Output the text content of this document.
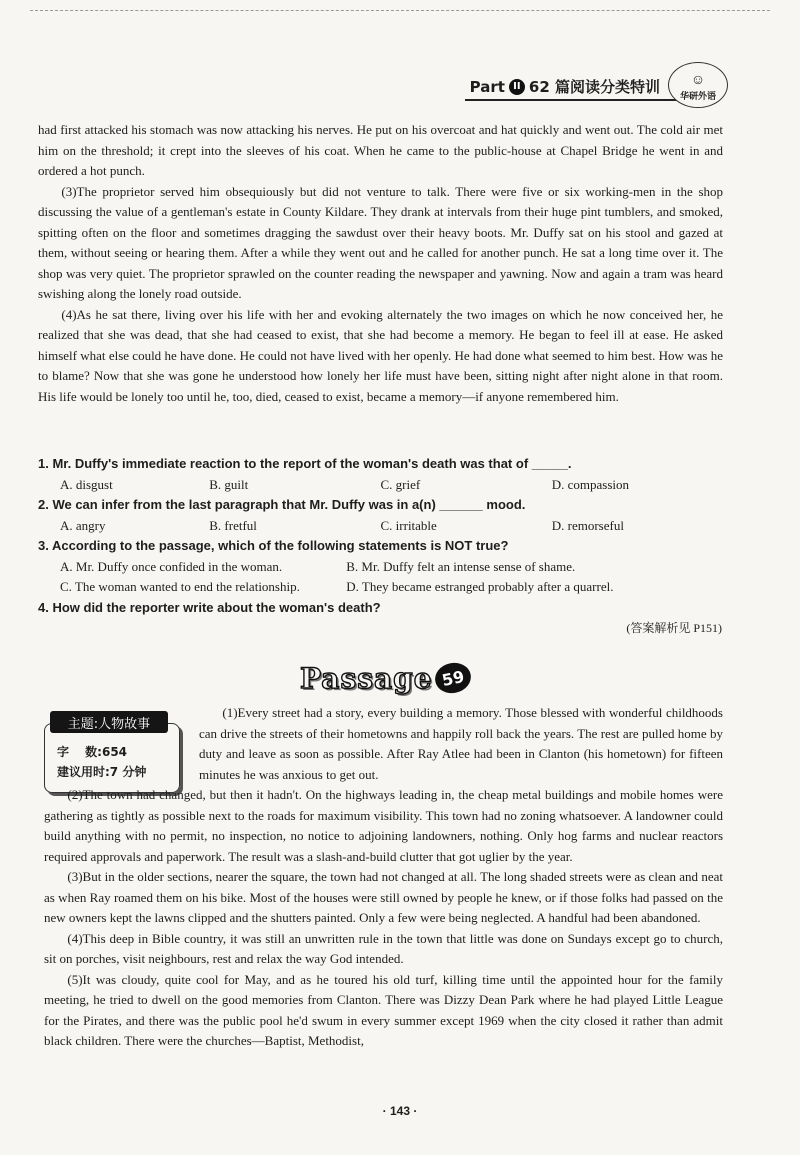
Part II 62 篇阅读分类特训 ☺
华研外语

had first attacked his stomach was now attacking his nerves. He put on his overcoat and hat quickly and went out. The cold air met him on the threshold; it crept into the sleeves of his coat. When he came to the public-house at Chapel Bridge he went in and ordered a hot punch.

(3)The proprietor served him obsequiously but did not venture to talk. There were five or six working-men in the shop discussing the value of a gentleman's estate in County Kildare. They drank at intervals from their huge pint tumblers, and smoked, spitting often on the floor and sometimes dragging the sawdust over their heavy boots. Mr. Duffy sat on his stool and gazed at them, without seeing or hearing them. After a while they went out and he called for another punch. He sat a long time over it. The shop was very quiet. The proprietor sprawled on the counter reading the newspaper and yawning. Now and again a tram was heard swishing along the lonely road outside.

(4)As he sat there, living over his life with her and evoking alternately the two images on which he now conceived her, he realized that she was dead, that she had ceased to exist, that she had become a memory. He began to feel ill at ease. He asked himself what else could he have done. He could not have lived with her openly. He had done what seemed to him best. How was he to blame? Now that she was gone he understood how lonely her life must have been, sitting night after night alone in that room. His life would be lonely too until he, too, died, ceased to exist, became a memory—if anyone remembered him.

1. Mr. Duffy's immediate reaction to the report of the woman's death was that of _____.

A. disgust	B. guilt	C. grief	D. compassion

2. We can infer from the last paragraph that Mr. Duffy was in a(n) ______ mood.

A. angry	B. fretful	C. irritable	D. remorseful

3. According to the passage, which of the following statements is NOT true?

A. Mr. Duffy once confided in the woman.	B. Mr. Duffy felt an intense sense of shame.
C. The woman wanted to end the relationship.	D. They became estranged probably after a quarrel.

4. How did the reporter write about the woman's death?

(答案解析见 P151)
Passage 59
字　 数:654
建议用时:7 分钟
主题:人物故事

(1)Every street had a story, every building a memory. Those blessed with wonderful childhoods can drive the streets of their hometowns and happily roll back the years. The rest are pulled home by duty and leave as soon as possible. After Ray Atlee had been in Clanton (his hometown) for fifteen minutes he was anxious to get out.

(2)The town had changed, but then it hadn't. On the highways leading in, the cheap metal buildings and mobile homes were gathering as tightly as possible next to the roads for maximum visibility. This town had no zoning whatsoever. A landowner could build anything with no permit, no inspection, no notice to adjoining landowners, nothing. Only hog farms and nuclear reactors required approvals and paperwork. The result was a slash-and-build clutter that got uglier by the year.

(3)But in the older sections, nearer the square, the town had not changed at all. The long shaded streets were as clean and neat as when Ray roamed them on his bike. Most of the houses were still owned by people he knew, or if those folks had passed on the new owners kept the lawns clipped and the shutters painted. Only a few were being neglected. A handful had been abandoned.

(4)This deep in Bible country, it was still an unwritten rule in the town that little was done on Sundays except go to church, sit on porches, visit neighbours, rest and relax the way God intended.

(5)It was cloudy, quite cool for May, and as he toured his old turf, killing time until the appointed hour for the family meeting, he tried to dwell on the good memories from Clanton. There was Dizzy Dean Park where he had played Little League for the Pirates, and there was the public pool he'd swum in every summer except 1969 when the city closed it rather than admit black children. There were the churches—Baptist, Methodist,

· 143 ·
